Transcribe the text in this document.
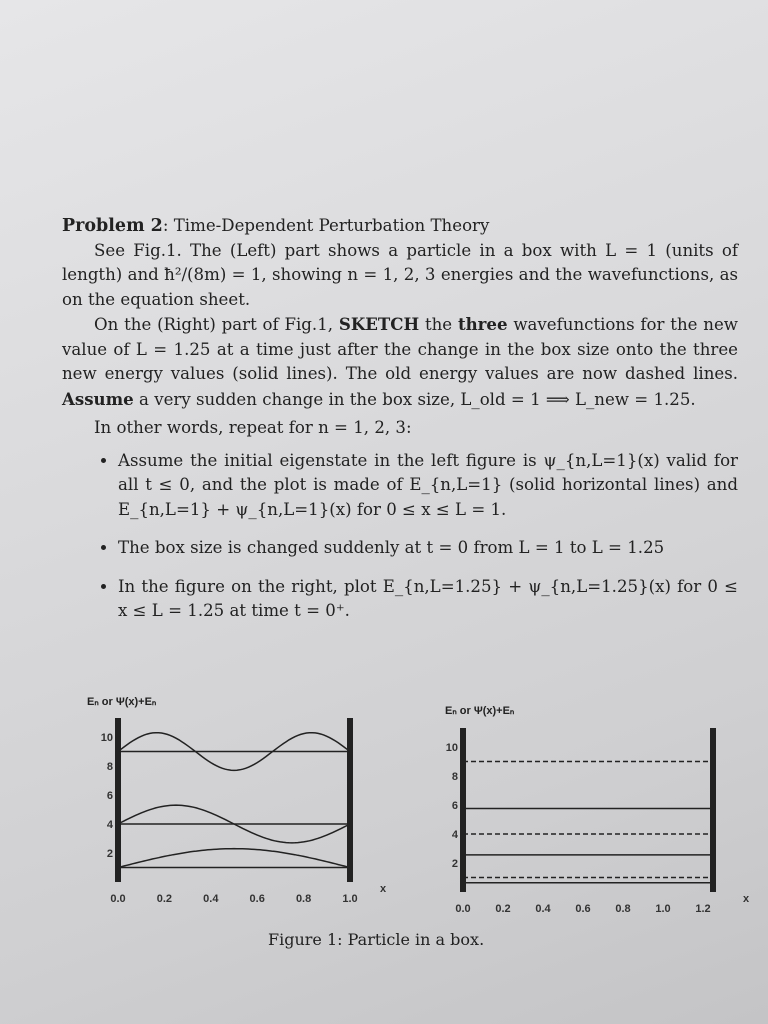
Problem 2: Time-Dependent Perturbation Theory

See Fig.1. The (Left) part shows a particle in a box with L = 1 (units of length) and ħ²/(8m) = 1, showing n = 1, 2, 3 energies and the wavefunctions, as on the equation sheet.

On the (Right) part of Fig.1, SKETCH the three wavefunctions for the new value of L = 1.25 at a time just after the change in the box size onto the three new energy values (solid lines). The old energy values are now dashed lines. Assume a very sudden change in the box size, L_old = 1 ⟹ L_new = 1.25.

In other words, repeat for n = 1, 2, 3:

• Assume the initial eigenstate in the left figure is ψ_{n,L=1}(x) valid for all t ≤ 0, and the plot is made of E_{n,L=1} (solid horizontal lines) and E_{n,L=1} + ψ_{n,L=1}(x) for 0 ≤ x ≤ L = 1.
• The box size is changed suddenly at t = 0 from L = 1 to L = 1.25
• In the figure on the right, plot E_{n,L=1.25} + ψ_{n,L=1.25}(x) for 0 ≤ x ≤ L = 1.25 at time t = 0⁺.
Eₙ or Ψ(x)+Eₙ
2
4
6
8
10
0.0	0.2	0.4	0.6	0.8	1.0
x
Eₙ or Ψ(x)+Eₙ
2
4
6
8
10
0.0 0.2 0.4 0.6 0.8 1.0 1.2
x
Figure 1: Particle in a box.
